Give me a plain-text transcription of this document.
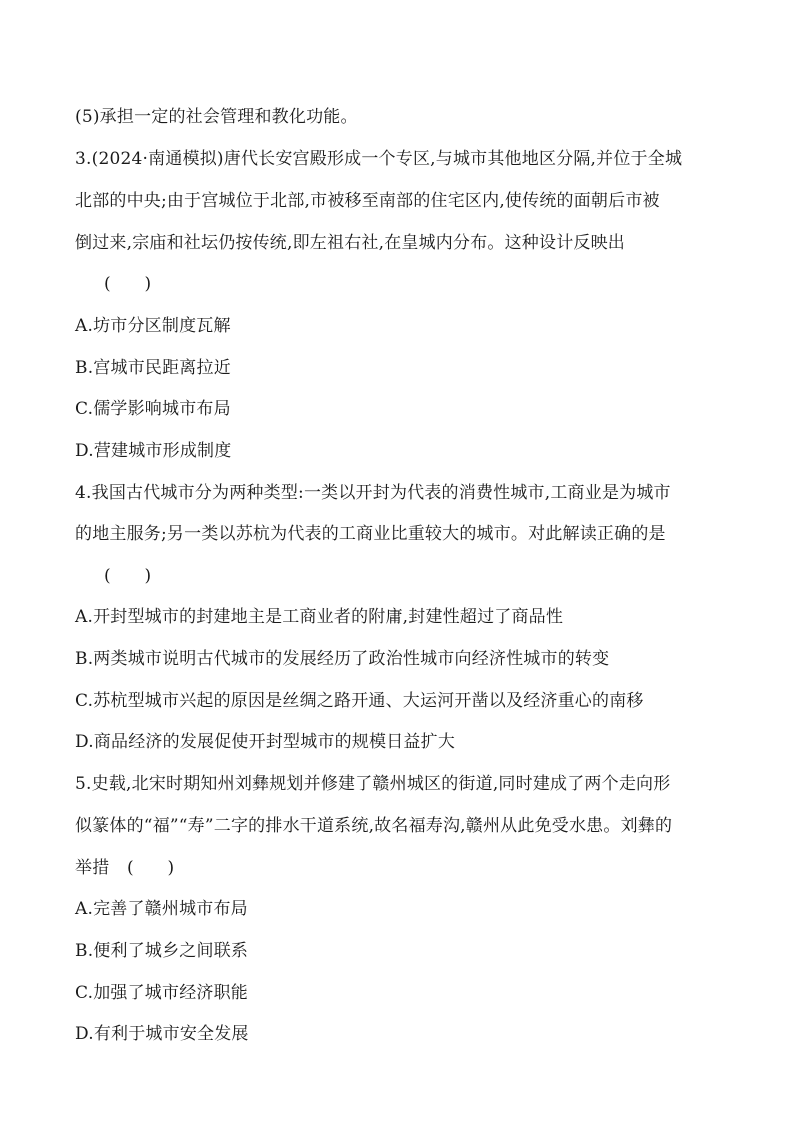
(5)承担一定的社会管理和教化功能。
3.(2024·南通模拟)唐代长安宫殿形成一个专区,与城市其他地区分隔,并位于全城
北部的中央;由于宫城位于北部,市被移至南部的住宅区内,使传统的面朝后市被
倒过来,宗庙和社坛仍按传统,即左祖右社,在皇城内分布。这种设计反映出
(      )
A.坊市分区制度瓦解
B.宫城市民距离拉近
C.儒学影响城市布局
D.营建城市形成制度
4.我国古代城市分为两种类型:一类以开封为代表的消费性城市,工商业是为城市
的地主服务;另一类以苏杭为代表的工商业比重较大的城市。对此解读正确的是
(      )
A.开封型城市的封建地主是工商业者的附庸,封建性超过了商品性
B.两类城市说明古代城市的发展经历了政治性城市向经济性城市的转变
C.苏杭型城市兴起的原因是丝绸之路开通、大运河开凿以及经济重心的南移
D.商品经济的发展促使开封型城市的规模日益扩大
5.史载,北宋时期知州刘彝规划并修建了赣州城区的街道,同时建成了两个走向形
似篆体的“福”“寿”二字的排水干道系统,故名福寿沟,赣州从此免受水患。刘彝的
举措	(      )
A.完善了赣州城市布局
B.便利了城乡之间联系
C.加强了城市经济职能
D.有利于城市安全发展
